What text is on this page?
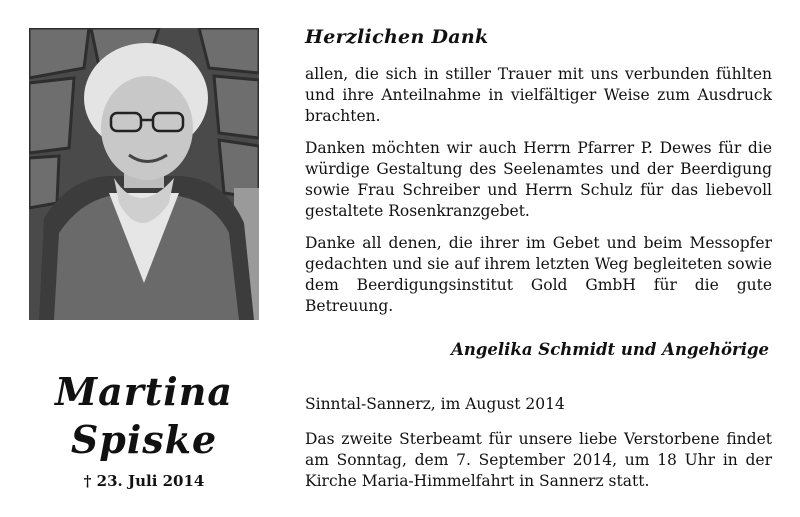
Martina
Spiske
† 23. Juli 2014
Herzlichen Dank
allen, die sich in stiller Trauer mit uns verbunden fühlten und ihre Anteilnahme in vielfältiger Weise zum Ausdruck brachten.
Danken möchten wir auch Herrn Pfarrer P. Dewes für die würdige Gestaltung des Seelenamtes und der Beerdigung sowie Frau Schreiber und Herrn Schulz für das liebevoll gestaltete Rosenkranzgebet.
Danke all denen, die ihrer im Gebet und beim Messopfer gedachten und sie auf ihrem letzten Weg begleiteten sowie dem Beerdigungsinstitut Gold GmbH für die gute Betreuung.
Angelika Schmidt und Angehörige
Sinntal-Sannerz, im August 2014
Das zweite Sterbeamt für unsere liebe Verstorbene findet am Sonntag, dem 7. September 2014, um 18 Uhr in der Kirche Maria-Himmelfahrt in Sannerz statt.
